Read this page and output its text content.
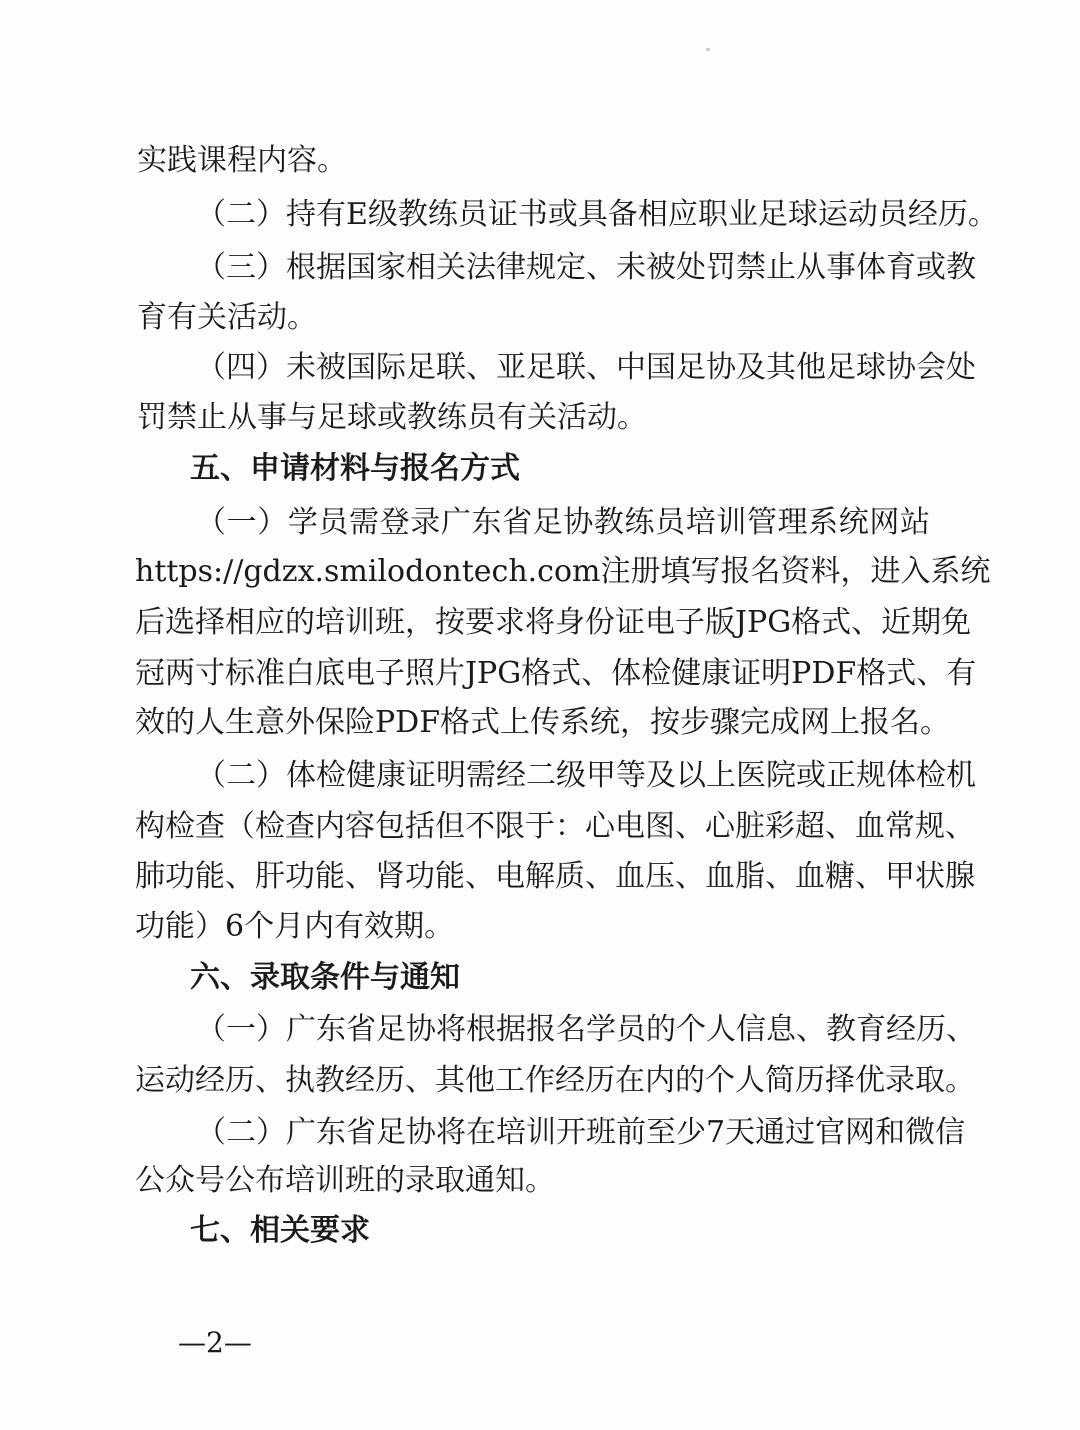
实践课程内容。
（二）持有E级教练员证书或具备相应职业足球运动员经历。
（三）根据国家相关法律规定、未被处罚禁止从事体育或教
育有关活动。
（四）未被国际足联、亚足联、中国足协及其他足球协会处
罚禁止从事与足球或教练员有关活动。
五、申请材料与报名方式
（一）学员需登录广东省足协教练员培训管理系统网站
https://gdzx.smilodontech.com注册填写报名资料，进入系统
后选择相应的培训班，按要求将身份证电子版JPG格式、近期免
冠两寸标准白底电子照片JPG格式、体检健康证明PDF格式、有
效的人生意外保险PDF格式上传系统，按步骤完成网上报名。
（二）体检健康证明需经二级甲等及以上医院或正规体检机
构检查（检查内容包括但不限于：心电图、心脏彩超、血常规、
肺功能、肝功能、肾功能、电解质、血压、血脂、血糖、甲状腺
功能）6个月内有效期。
六、录取条件与通知
（一）广东省足协将根据报名学员的个人信息、教育经历、
运动经历、执教经历、其他工作经历在内的个人简历择优录取。
（二）广东省足协将在培训开班前至少7天通过官网和微信
公众号公布培训班的录取通知。
七、相关要求
—2—
